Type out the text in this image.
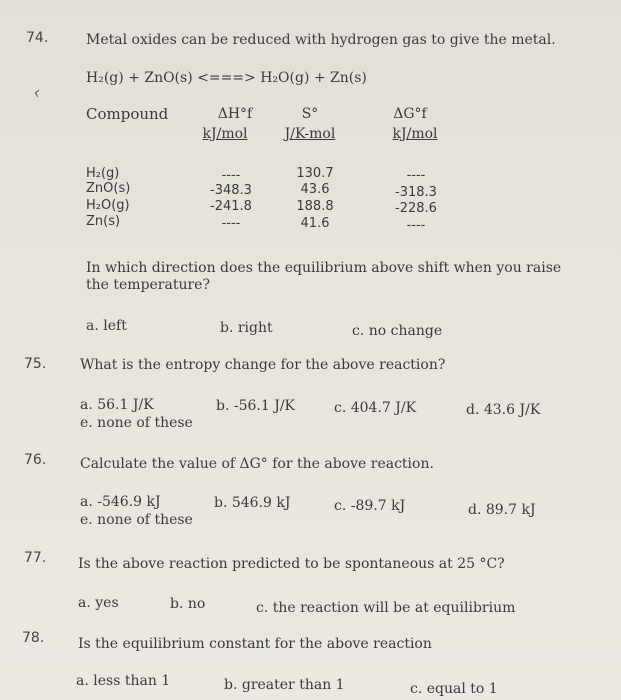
74.	Metal oxides can be reduced with hydrogen gas to give the metal.
H₂(g) + ZnO(s) <===> H₂O(g) + Zn(s)
^
Compound	ΔH°f	S°	ΔG°f
kJ/mol	J/K-mol	kJ/mol
H₂(g)	----	130.7	----
ZnO(s)	-348.3	43.6	-318.3
H₂O(g)	-241.8	188.8	-228.6
Zn(s)	----	41.6	----
In which direction does the equilibrium above shift when you raise
the temperature?
a. left	b. right	c. no change
75. What is the entropy change for the above reaction?
a. 56.1 J/K	b. -56.1 J/K	c. 404.7 J/K	d. 43.6 J/K
e. none of these
76. Calculate the value of ΔG° for the above reaction.
a. -546.9 kJ	b. 546.9 kJ	c. -89.7 kJ	d. 89.7 kJ
e. none of these
77. Is the above reaction predicted to be spontaneous at 25 °C?
a. yes	b. no	c. the reaction will be at equilibrium
78. Is the equilibrium constant for the above reaction
a. less than 1	b. greater than 1	c. equal to 1
